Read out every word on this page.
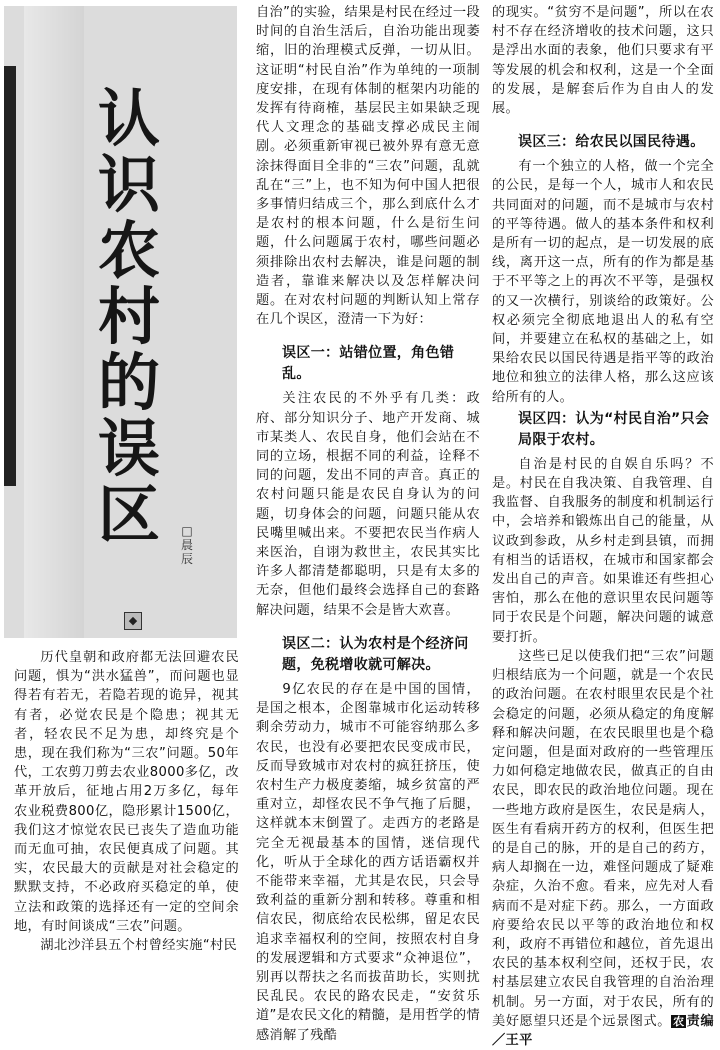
认
识
农
村
的
误
区	□ 晨辰
◆

历代皇朝和政府都无法回避农民问题，惧为“洪水猛兽”，而问题也显得若有若无，若隐若现的诡异，视其有者，必觉农民是个隐患；视其无者，轻农民不足为患，却终究是个患，现在我们称为“三农”问题。50年代，工农剪刀剪去农业8000多亿，改革开放后，征地占用2万多亿，每年农业税费800亿，隐形累计1500亿，我们这才惊觉农民已丧失了造血功能而无血可抽，农民便真成了问题。其实，农民最大的贡献是对社会稳定的默默支持，不必政府买稳定的单，使立法和政策的选择还有一定的空间余地，有时间谈成“三农”问题。

湖北沙洋县五个村曾经实施“村民

自治”的实验，结果是村民在经过一段时间的自治生活后，自治功能出现萎缩，旧的治理模式反弹，一切从旧。这证明“村民自治”作为单纯的一项制度安排，在现有体制的框架内功能的发挥有待商榷，基层民主如果缺乏现代人文理念的基础支撑必成民主闹剧。必须重新审视已被外界有意无意涂抹得面目全非的“三农”问题，乱就乱在“三”上，也不知为何中国人把很多事情归结成三个，那么到底什么才是农村的根本问题，什么是衍生问题，什么问题属于农村，哪些问题必须排除出农村去解决，谁是问题的制造者，靠谁来解决以及怎样解决问题。在对农村问题的判断认知上常存在几个误区，澄清一下为好：

误区一：站错位置，角色错乱。

关注农民的不外乎有几类：政府、部分知识分子、地产开发商、城市某类人、农民自身，他们会站在不同的立场，根据不同的利益，诠释不同的问题，发出不同的声音。真正的农村问题只能是农民自身认为的问题，切身体会的问题，问题只能从农民嘴里喊出来。不要把农民当作病人来医治，自诩为救世主，农民其实比许多人都清楚都聪明，只是有太多的无奈，但他们最终会选择自己的套路解决问题，结果不会是皆大欢喜。

误区二：认为农村是个经济问题，免税增收就可解决。

9亿农民的存在是中国的国情，是国之根本，企图靠城市化运动转移剩余劳动力，城市不可能容纳那么多农民，也没有必要把农民变成市民，反而导致城市对农村的疯狂挤压，使农村生产力极度萎缩，城乡贫富的严重对立，却怪农民不争气拖了后腿，这样就本末倒置了。走西方的老路是完全无视最基本的国情，迷信现代化，听从于全球化的西方话语霸权并不能带来幸福，尤其是农民，只会导致利益的重新分割和转移。尊重和相信农民，彻底给农民松绑，留足农民追求幸福权利的空间，按照农村自身的发展逻辑和方式要求“众神退位”，别再以帮扶之名而拔苗助长，实则扰民乱民。农民的路农民走，“安贫乐道”是农民文化的精髓，是用哲学的情感消解了残酷

的现实。“贫穷不是问题”，所以在农村不存在经济增收的技术问题，这只是浮出水面的表象，他们只要求有平等发展的机会和权利，这是一个全面的发展，是解套后作为自由人的发展。

误区三：给农民以国民待遇。

有一个独立的人格，做一个完全的公民，是每一个人，城市人和农民共同面对的问题，而不是城市与农村的平等待遇。做人的基本条件和权利是所有一切的起点，是一切发展的底线，离开这一点，所有的作为都是基于不平等之上的再次不平等，是强权的又一次横行，别谈给的政策好。公权必须完全彻底地退出人的私有空间，并要建立在私权的基础之上，如果给农民以国民待遇是指平等的政治地位和独立的法律人格，那么这应该给所有的人。

误区四：认为“村民自治”只会局限于农村。

自治是村民的自娱自乐吗？不是。村民在自我决策、自我管理、自我监督、自我服务的制度和机制运行中，会培养和锻炼出自己的能量，从议政到参政，从乡村走到县镇，而拥有相当的话语权，在城市和国家都会发出自己的声音。如果谁还有些担心害怕，那么在他的意识里农民问题等同于农民是个问题，解决问题的诚意要打折。

这些已足以使我们把“三农”问题归根结底为一个问题，就是一个农民的政治问题。在农村眼里农民是个社会稳定的问题，必须从稳定的角度解释和解决问题，在农民眼里也是个稳定问题，但是面对政府的一些管理压力如何稳定地做农民，做真正的自由农民，即农民的政治地位问题。现在一些地方政府是医生，农民是病人，医生有看病开药方的权利，但医生把的是自己的脉，开的是自己的药方，病人却搁在一边，难怪问题成了疑难杂症，久治不愈。看来，应先对人看病而不是对症下药。那么，一方面政府要给农民以平等的政治地位和权利，政府不再错位和越位，首先退出农民的基本权利空间，还权于民，农村基层建立农民自我管理的自治治理机制。另一方面，对于农民，所有的美好愿望只还是个远景图式。 农 责编／王平
